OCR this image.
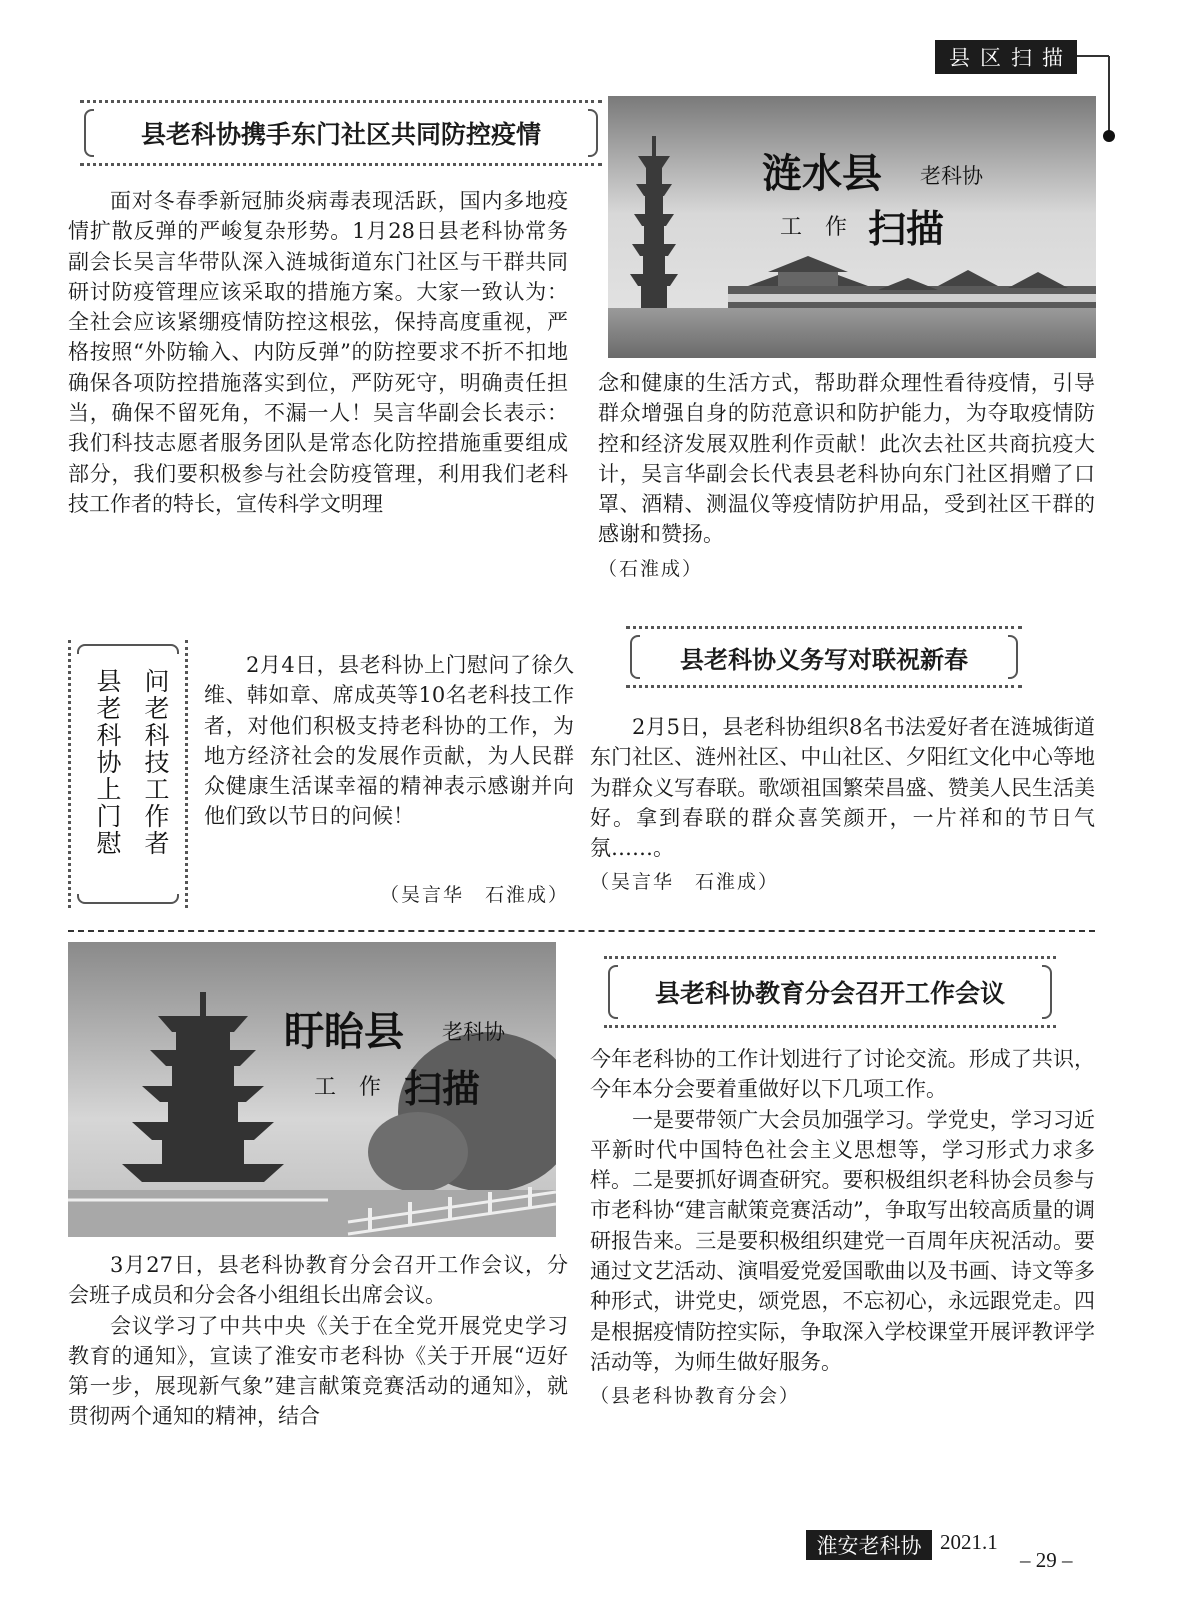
县区扫描
县老科协携手东门社区共同防控疫情

面对冬春季新冠肺炎病毒表现活跃，国内多地疫情扩散反弹的严峻复杂形势。1月28日县老科协常务副会长吴言华带队深入涟城街道东门社区与干群共同研讨防疫管理应该采取的措施方案。大家一致认为：全社会应该紧绷疫情防控这根弦，保持高度重视，严格按照“外防输入、内防反弹”的防控要求不折不扣地确保各项防控措施落实到位，严防死守，明确责任担当，确保不留死角，不漏一人！吴言华副会长表示：我们科技志愿者服务团队是常态化防控措施重要组成部分，我们要积极参与社会防疫管理，利用我们老科技工作者的特长，宣传科学文明理

涟水县 老科协
工 作 扫描

念和健康的生活方式，帮助群众理性看待疫情，引导群众增强自身的防范意识和防护能力，为夺取疫情防控和经济发展双胜利作贡献！此次去社区共商抗疫大计，吴言华副会长代表县老科协向东门社区捐赠了口罩、酒精、测温仪等疫情防护用品，受到社区干群的感谢和赞扬。

（石淮成）

问老科技工作者
县老科协上门慰

2月4日，县老科协上门慰问了徐久维、韩如章、席成英等10名老科技工作者，对他们积极支持老科协的工作，为地方经济社会的发展作贡献，为人民群众健康生活谋幸福的精神表示感谢并向他们致以节日的问候！

（吴言华　石淮成）
县老科协义务写对联祝新春

2月5日，县老科协组织8名书法爱好者在涟城街道东门社区、涟州社区、中山社区、夕阳红文化中心等地为群众义写春联。歌颂祖国繁荣昌盛、赞美人民生活美好。拿到春联的群众喜笑颜开，一片祥和的节日气氛……。

（吴言华　石淮成）

盱眙县 老科协
工 作 扫描
县老科协教育分会召开工作会议

3月27日，县老科协教育分会召开工作会议，分会班子成员和分会各小组组长出席会议。

会议学习了中共中央《关于在全党开展党史学习教育的通知》，宣读了淮安市老科协《关于开展“迈好第一步，展现新气象”建言献策竞赛活动的通知》，就贯彻两个通知的精神，结合

今年老科协的工作计划进行了讨论交流。形成了共识，今年本分会要着重做好以下几项工作。

一是要带领广大会员加强学习。学党史，学习习近平新时代中国特色社会主义思想等，学习形式力求多样。二是要抓好调查研究。要积极组织老科协会员参与市老科协“建言献策竞赛活动”，争取写出较高质量的调研报告来。三是要积极组织建党一百周年庆祝活动。要通过文艺活动、演唱爱党爱国歌曲以及书画、诗文等多种形式，讲党史，颂党恩，不忘初心，永远跟党走。四是根据疫情防控实际，争取深入学校课堂开展评教评学活动等，为师生做好服务。

（县老科协教育分会）

淮安老科协 2021.1
– 29 –
